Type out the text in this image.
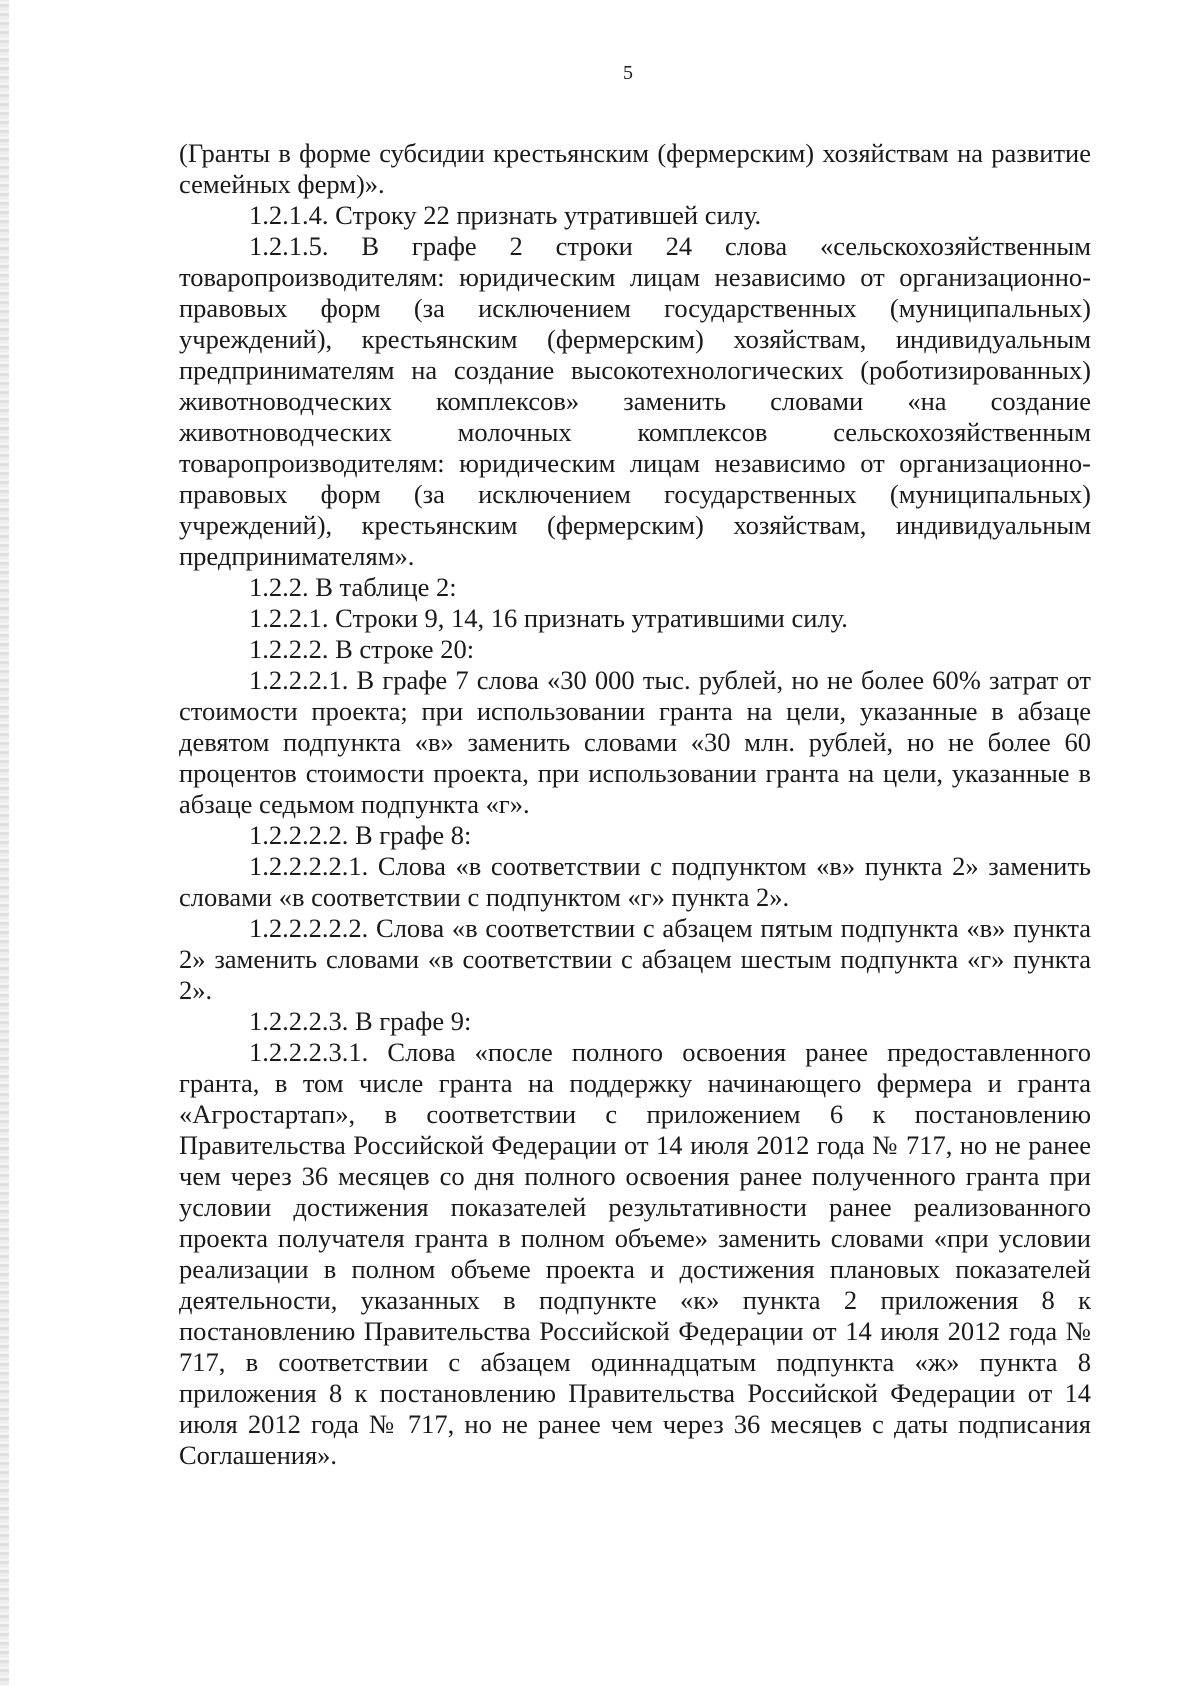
5

(Гранты в форме субсидии крестьянским (фермерским) хозяйствам на развитие семейных ферм)».

1.2.1.4. Строку 22 признать утратившей силу.

1.2.1.5. В графе 2 строки 24 слова «сельскохозяйственным товаропроизводителям: юридическим лицам независимо от организационно-правовых форм (за исключением государственных (муниципальных) учреждений), крестьянским (фермерским) хозяйствам, индивидуальным предпринимателям на создание высокотехнологических (роботизированных) животноводческих комплексов» заменить словами «на создание животноводческих молочных комплексов сельскохозяйственным товаропроизводителям: юридическим лицам независимо от организационно-правовых форм (за исключением государственных (муниципальных) учреждений), крестьянским (фермерским) хозяйствам, индивидуальным предпринимателям».

1.2.2. В таблице 2:

1.2.2.1. Строки 9, 14, 16 признать утратившими силу.

1.2.2.2. В строке 20:

1.2.2.2.1. В графе 7 слова «30 000 тыс. рублей, но не более 60% затрат от стоимости проекта; при использовании гранта на цели, указанные в абзаце девятом подпункта «в» заменить словами «30 млн. рублей, но не более 60 процентов стоимости проекта, при использовании гранта на цели, указанные в абзаце седьмом подпункта «г».

1.2.2.2.2. В графе 8:

1.2.2.2.2.1. Слова «в соответствии с подпунктом «в» пункта 2» заменить словами «в соответствии с подпунктом «г» пункта 2».

1.2.2.2.2.2. Слова «в соответствии с абзацем пятым подпункта «в» пункта 2» заменить словами «в соответствии с абзацем шестым подпункта «г» пункта 2».

1.2.2.2.3. В графе 9:

1.2.2.2.3.1. Слова «после полного освоения ранее предоставленного гранта, в том числе гранта на поддержку начинающего фермера и гранта «Агростартап», в соответствии с приложением 6 к постановлению Правительства Российской Федерации от 14 июля 2012 года № 717, но не ранее чем через 36 месяцев со дня полного освоения ранее полученного гранта при условии достижения показателей результативности ранее реализованного проекта получателя гранта в полном объеме» заменить словами «при условии реализации в полном объеме проекта и достижения плановых показателей деятельности, указанных в подпункте «к» пункта 2 приложения 8 к постановлению Правительства Российской Федерации от 14 июля 2012 года № 717, в соответствии с абзацем одиннадцатым подпункта «ж» пункта 8 приложения 8 к постановлению Правительства Российской Федерации от 14 июля 2012 года № 717, но не ранее чем через 36 месяцев с даты подписания Соглашения».
